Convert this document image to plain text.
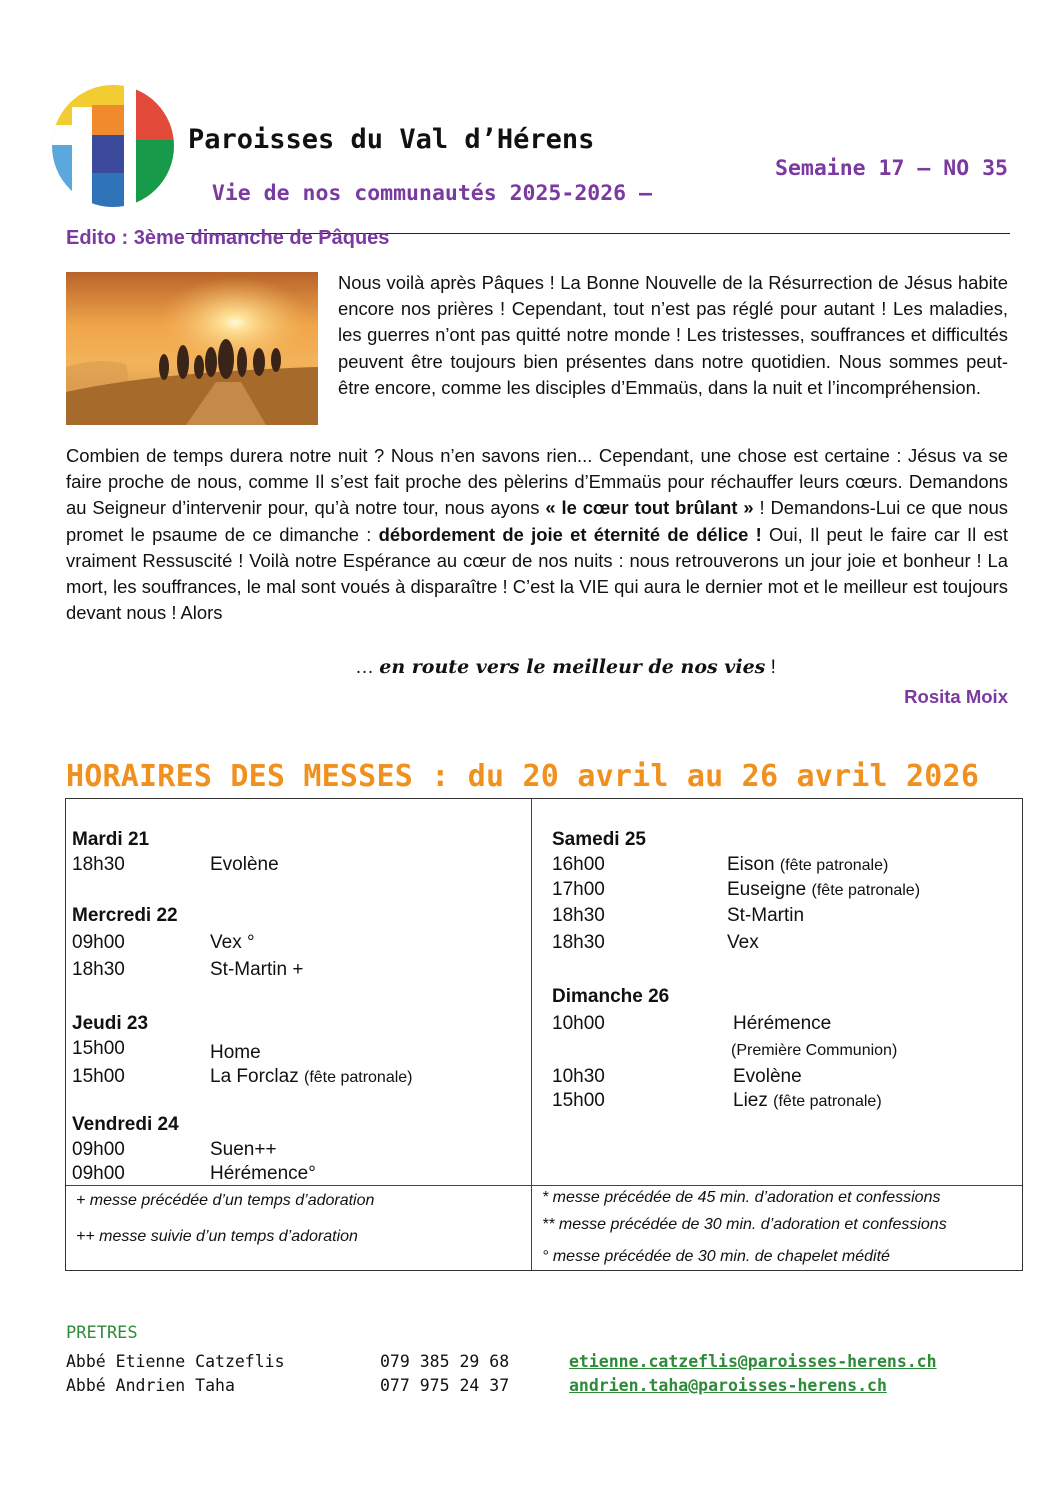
Paroisses du Val d’Hérens

Vie de nos communautés 2025-2026 –

Semaine 17 – NO 35

Edito : 3ème dimanche de Pâques
Nous voilà après Pâques ! La Bonne Nouvelle de la Résurrection de Jésus habite encore nos prières ! Cependant, tout n’est pas réglé pour autant ! Les maladies, les guerres n’ont pas quitté notre monde ! Les tristesses, souffrances et difficultés peuvent être toujours bien présentes dans notre quotidien. Nous sommes peut-être encore, comme les disciples d’Emmaüs, dans la nuit et l’incompréhension.
Combien de temps durera notre nuit ? Nous n’en savons rien... Cependant, une chose est certaine : Jésus va se faire proche de nous, comme Il s’est fait proche des pèlerins d’Emmaüs pour réchauffer leurs cœurs. Demandons au Seigneur d’intervenir pour, qu’à notre tour, nous ayons « le cœur tout brûlant » ! Demandons-Lui ce que nous promet le psaume de ce dimanche : débordement de joie et éternité de délice ! Oui, Il peut le faire car Il est vraiment Ressuscité ! Voilà notre Espérance au cœur de nos nuits : nous retrouverons un jour joie et bonheur ! La mort, les souffrances, le mal sont voués à disparaître ! C’est la VIE qui aura le dernier mot et le meilleur est toujours devant nous ! Alors
… en route vers le meilleur de nos vies !
Rosita Moix
HORAIRES DES MESSES : du 20 avril au 26 avril 2026
Mardi 21
18h30	Evolène
Mercredi 22
09h00	Vex °
18h30	St-Martin +
Jeudi 23
15h00	Home
15h00	La Forclaz (fête patronale)
Vendredi 24
09h00	Suen++
09h00	Hérémence°
Samedi 25
16h00	Eison (fête patronale)
17h00	Euseigne (fête patronale)
18h30	St-Martin
18h30	Vex
Dimanche 26
10h00	Hérémence
(Première Communion)
10h30	Evolène
15h00	Liez (fête patronale)
+ messe précédée d’un temps d’adoration
++ messe suivie d’un temps d’adoration
* messe précédée de 45 min. d’adoration et confessions
** messe précédée de 30 min. d’adoration et confessions
° messe précédée de 30 min. de chapelet médité
PRETRES
Abbé Etienne Catzeflis	079 385 29 68	etienne.catzeflis@paroisses-herens.ch
Abbé Andrien Taha	077 975 24 37	andrien.taha@paroisses-herens.ch
